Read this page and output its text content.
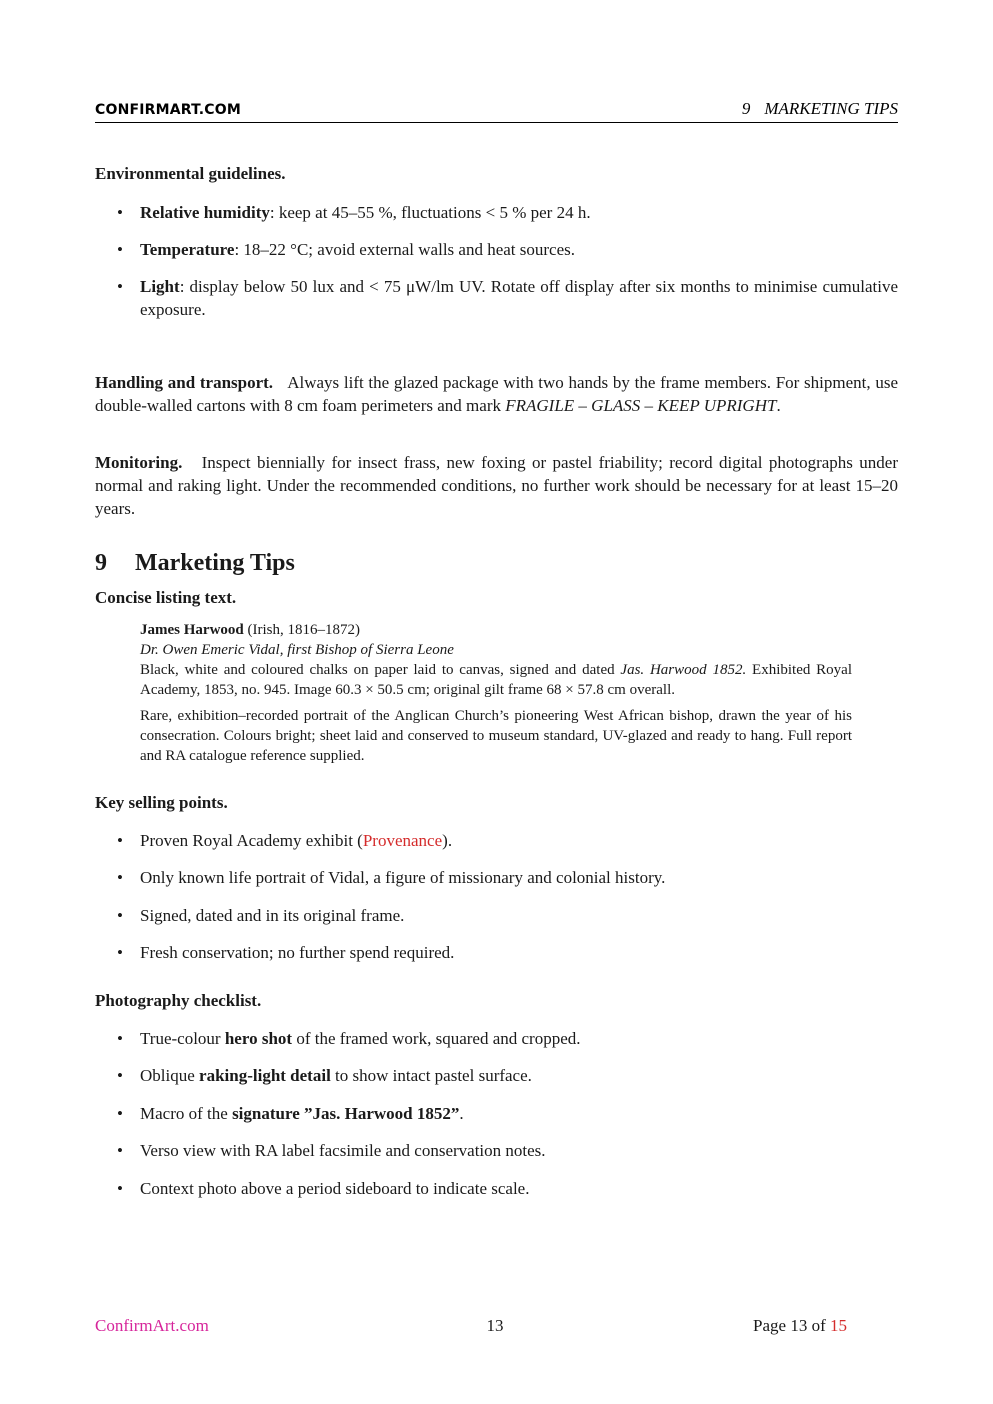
CONFIRMART.COM	9 MARKETING TIPS
Environmental guidelines.
• Relative humidity: keep at 45–55 %, fluctuations < 5 % per 24 h.
• Temperature: 18–22 °C; avoid external walls and heat sources.
• Light: display below 50 lux and < 75 μW/lm UV. Rotate off display after six months to minimise cumulative exposure.
Handling and transport. Always lift the glazed package with two hands by the frame members. For shipment, use double-walled cartons with 8 cm foam perimeters and mark FRAGILE – GLASS – KEEP UPRIGHT.
Monitoring. Inspect biennially for insect frass, new foxing or pastel friability; record digital photographs under normal and raking light. Under the recommended conditions, no further work should be necessary for at least 15–20 years.
9 Marketing Tips
Concise listing text.
James Harwood (Irish, 1816–1872)
Dr. Owen Emeric Vidal, first Bishop of Sierra Leone
Black, white and coloured chalks on paper laid to canvas, signed and dated Jas. Harwood 1852. Exhibited Royal Academy, 1853, no. 945. Image 60.3 × 50.5 cm; original gilt frame 68 × 57.8 cm overall.
Rare, exhibition–recorded portrait of the Anglican Church’s pioneering West African bishop, drawn the year of his consecration. Colours bright; sheet laid and conserved to museum standard, UV-glazed and ready to hang. Full report and RA catalogue reference supplied.
Key selling points.
• Proven Royal Academy exhibit (Provenance).
• Only known life portrait of Vidal, a figure of missionary and colonial history.
• Signed, dated and in its original frame.
• Fresh conservation; no further spend required.
Photography checklist.
• True-colour hero shot of the framed work, squared and cropped.
• Oblique raking-light detail to show intact pastel surface.
• Macro of the signature ”Jas. Harwood 1852”.
• Verso view with RA label facsimile and conservation notes.
• Context photo above a period sideboard to indicate scale.
ConfirmArt.com	13	Page 13 of 15
